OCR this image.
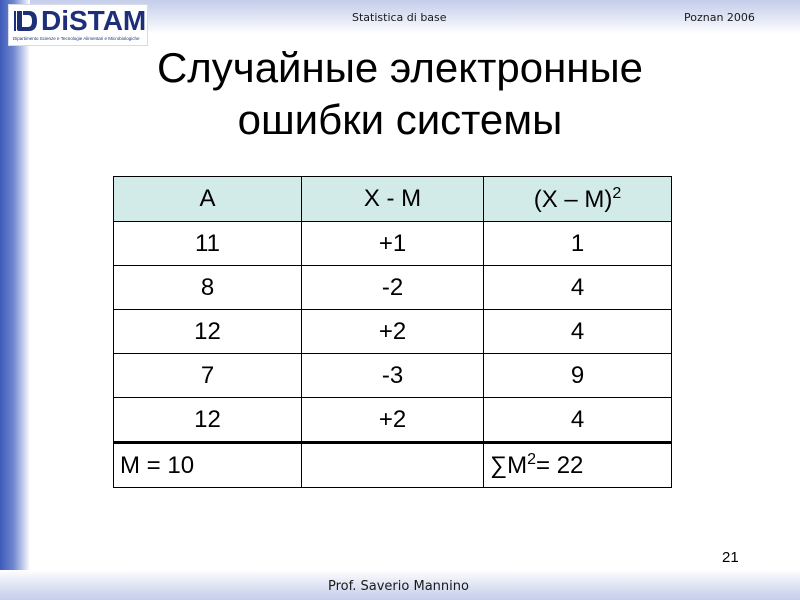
DiSTAM
Dipartimento Scienze e Tecnologie Alimentari e Microbiologiche
Statistica di base	Poznan 2006
Случайные электронные
ошибки системы
A	X - M	(X – M)$^2$
11	+1	1
8	-2	4
12	+2	4
7	-3	9
12	+2	4
M = 10		$\sum M^2= 22$
21
Prof. Saverio Mannino
